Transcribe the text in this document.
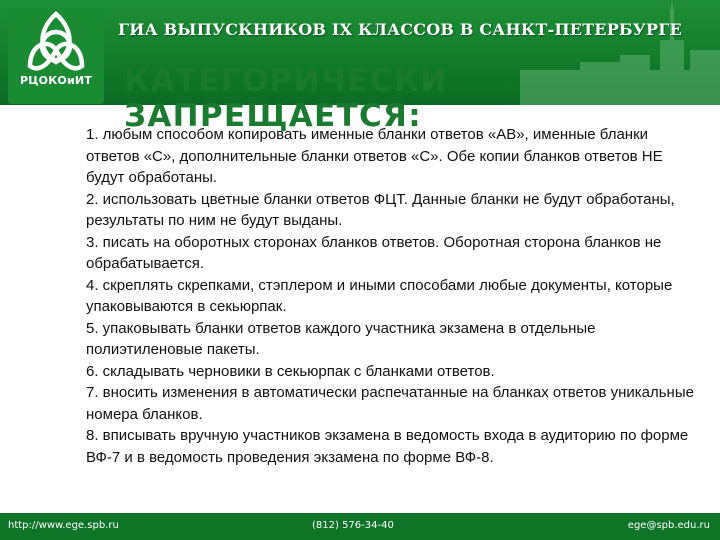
РЦОКОиИТ
ГИА ВЫПУСКНИКОВ IX КЛАССОВ В САНКТ-ПЕТЕРБУРГЕ
КАТЕГОРИЧЕСКИ
ЗАПРЕЩАЕТСЯ:

1. любым способом копировать именные бланки ответов «АВ», именные бланки ответов «С», дополнительные бланки ответов «С». Обе копии бланков ответов НЕ будут обработаны.

2. использовать цветные бланки ответов ФЦТ. Данные бланки не будут обработаны, результаты по ним не будут выданы.

3. писать на оборотных сторонах бланков ответов. Оборотная сторона бланков не обрабатывается.

4. скреплять скрепками, стэплером и иными способами любые документы, которые упаковываются в секьюрпак.

5. упаковывать бланки ответов каждого участника экзамена в отдельные полиэтиленовые пакеты.

6. складывать черновики в секьюрпак с бланками ответов.

7. вносить изменения в автоматически распечатанные на бланках ответов уникальные номера бланков.

8. вписывать вручную участников экзамена в ведомость входа в аудиторию по форме ВФ-7 и в ведомость проведения экзамена по форме ВФ-8.

http://www.ege.spb.ru	(812) 576-34-40	ege@spb.edu.ru
